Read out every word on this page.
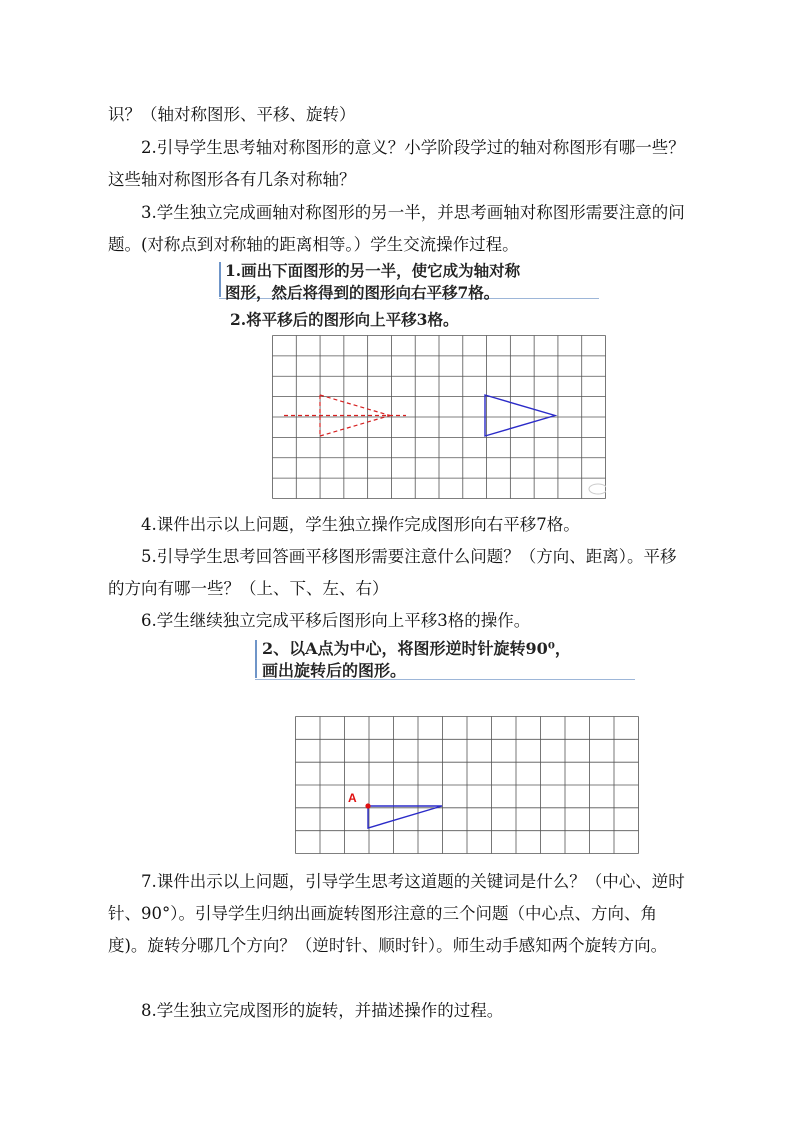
识？（轴对称图形、平移、旋转）

2.引导学生思考轴对称图形的意义？小学阶段学过的轴对称图形有哪一些？这些轴对称图形各有几条对称轴？

3.学生独立完成画轴对称图形的另一半，并思考画轴对称图形需要注意的问题。(对称点到对称轴的距离相等。）学生交流操作过程。

1.画出下面图形的另一半，使它成为轴对称
图形，然后将得到的图形向右平移7格。
2.将平移后的图形向上平移3格。

4.课件出示以上问题，学生独立操作完成图形向右平移7格。

5.引导学生思考回答画平移图形需要注意什么问题？（方向、距离）。平移的方向有哪一些？（上、下、左、右）

6.学生继续独立完成平移后图形向上平移3格的操作。

2、以A点为中心，将图形逆时针旋转90⁰，
画出旋转后的图形。
A

7.课件出示以上问题，引导学生思考这道题的关键词是什么？（中心、逆时针、90°）。引导学生归纳出画旋转图形注意的三个问题（中心点、方向、角度)。旋转分哪几个方向？（逆时针、顺时针）。师生动手感知两个旋转方向。

8.学生独立完成图形的旋转，并描述操作的过程。
